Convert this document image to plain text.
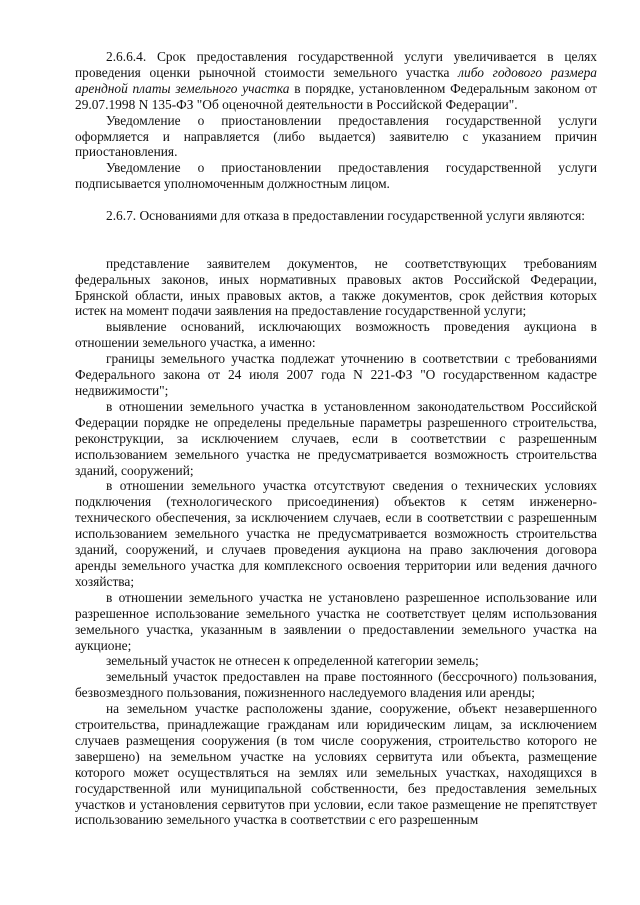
2.6.6.4. Срок предоставления государственной услуги увеличивается в целях проведения оценки рыночной стоимости земельного участка либо годового размера арендной платы земельного участка в порядке, установленном Федеральным законом от 29.07.1998 N 135-ФЗ "Об оценочной деятельности в Российской Федерации".

Уведомление о приостановлении предоставления государственной услуги оформляется и направляется (либо выдается) заявителю с указанием причин приостановления.

Уведомление о приостановлении предоставления государственной услуги подписывается уполномоченным должностным лицом.

2.6.7. Основаниями для отказа в предоставлении государственной услуги являются:

представление заявителем документов, не соответствующих требованиям федеральных законов, иных нормативных правовых актов Российской Федерации, Брянской области, иных правовых актов, а также документов, срок действия которых истек на момент подачи заявления на предоставление государственной услуги;

выявление оснований, исключающих возможность проведения аукциона в отношении земельного участка, а именно:

границы земельного участка подлежат уточнению в соответствии с требованиями Федерального закона от 24 июля 2007 года N 221-ФЗ "О государственном кадастре недвижимости";

в отношении земельного участка в установленном законодательством Российской Федерации порядке не определены предельные параметры разрешенного строительства, реконструкции, за исключением случаев, если в соответствии с разрешенным использованием земельного участка не предусматривается возможность строительства зданий, сооружений;

в отношении земельного участка отсутствуют сведения о технических условиях подключения (технологического присоединения) объектов к сетям инженерно-технического обеспечения, за исключением случаев, если в соответствии с разрешенным использованием земельного участка не предусматривается возможность строительства зданий, сооружений, и случаев проведения аукциона на право заключения договора аренды земельного участка для комплексного освоения территории или ведения дачного хозяйства;

в отношении земельного участка не установлено разрешенное использование или разрешенное использование земельного участка не соответствует целям использования земельного участка, указанным в заявлении о предоставлении земельного участка на аукционе;

земельный участок не отнесен к определенной категории земель;

земельный участок предоставлен на праве постоянного (бессрочного) пользования, безвозмездного пользования, пожизненного наследуемого владения или аренды;

на земельном участке расположены здание, сооружение, объект незавершенного строительства, принадлежащие гражданам или юридическим лицам, за исключением случаев размещения сооружения (в том числе сооружения, строительство которого не завершено) на земельном участке на условиях сервитута или объекта, размещение которого может осуществляться на землях или земельных участках, находящихся в государственной или муниципальной собственности, без предоставления земельных участков и установления сервитутов при условии, если такое размещение не препятствует использованию земельного участка в соответствии с его разрешенным
